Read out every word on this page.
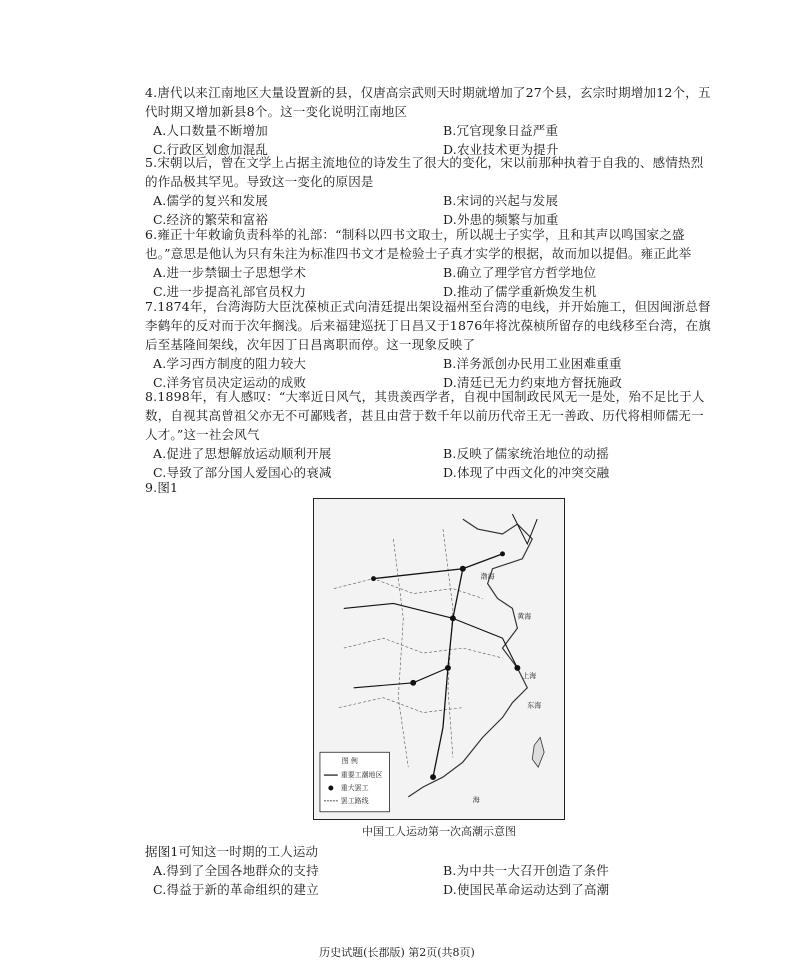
4.唐代以来江南地区大量设置新的县，仅唐高宗武则天时期就增加了27个县，玄宗时期增加12个，五代时期又增加新县8个。这一变化说明江南地区

A.人口数量不断增加	B.冗官现象日益严重
C.行政区划愈加混乱	D.农业技术更为提升

5.宋朝以后，曾在文学上占据主流地位的诗发生了很大的变化，宋以前那种执着于自我的、感情热烈的作品极其罕见。导致这一变化的原因是

A.儒学的复兴和发展	B.宋词的兴起与发展
C.经济的繁荣和富裕	D.外患的频繁与加重

6.雍正十年敕谕负责科举的礼部：“制科以四书文取士，所以觇士子实学，且和其声以鸣国家之盛也。”意思是他认为只有朱注为标准四书文才是检验士子真才实学的根据，故而加以提倡。雍正此举

A.进一步禁锢士子思想学术	B.确立了理学官方哲学地位
C.进一步提高礼部官员权力	D.推动了儒学重新焕发生机

7.1874年，台湾海防大臣沈葆桢正式向清廷提出架设福州至台湾的电线，并开始施工，但因闽浙总督李鹤年的反对而于次年搁浅。后来福建巡抚丁日昌又于1876年将沈葆桢所留存的电线移至台湾，在旗后至基隆间架线，次年因丁日昌离职而停。这一现象反映了

A.学习西方制度的阻力较大	B.洋务派创办民用工业困难重重
C.洋务官员决定运动的成败	D.清廷已无力约束地方督抚施政

8.1898年，有人感叹：“大率近日风气，其贵羡西学者，自视中国制政民风无一是处，殆不足比于人数，自视其高曾祖父亦无不可鄙贱者，甚且由营于数千年以前历代帝王无一善政、历代将相师儒无一人才。”这一社会风气

A.促进了思想解放运动顺利开展	B.反映了儒家统治地位的动摇
C.导致了部分国人爱国心的衰减	D.体现了中西文化的冲突交融
9.图1
渤海
黄海
东海
海
上海
图 例
重要工潮地区
重大罢工
罢工路线
中国工人运动第一次高潮示意图

据图1可知这一时期的工人运动

A.得到了全国各地群众的支持	B.为中共一大召开创造了条件
C.得益于新的革命组织的建立	D.使国民革命运动达到了高潮
历史试题(长郡版) 第2页(共8页)
